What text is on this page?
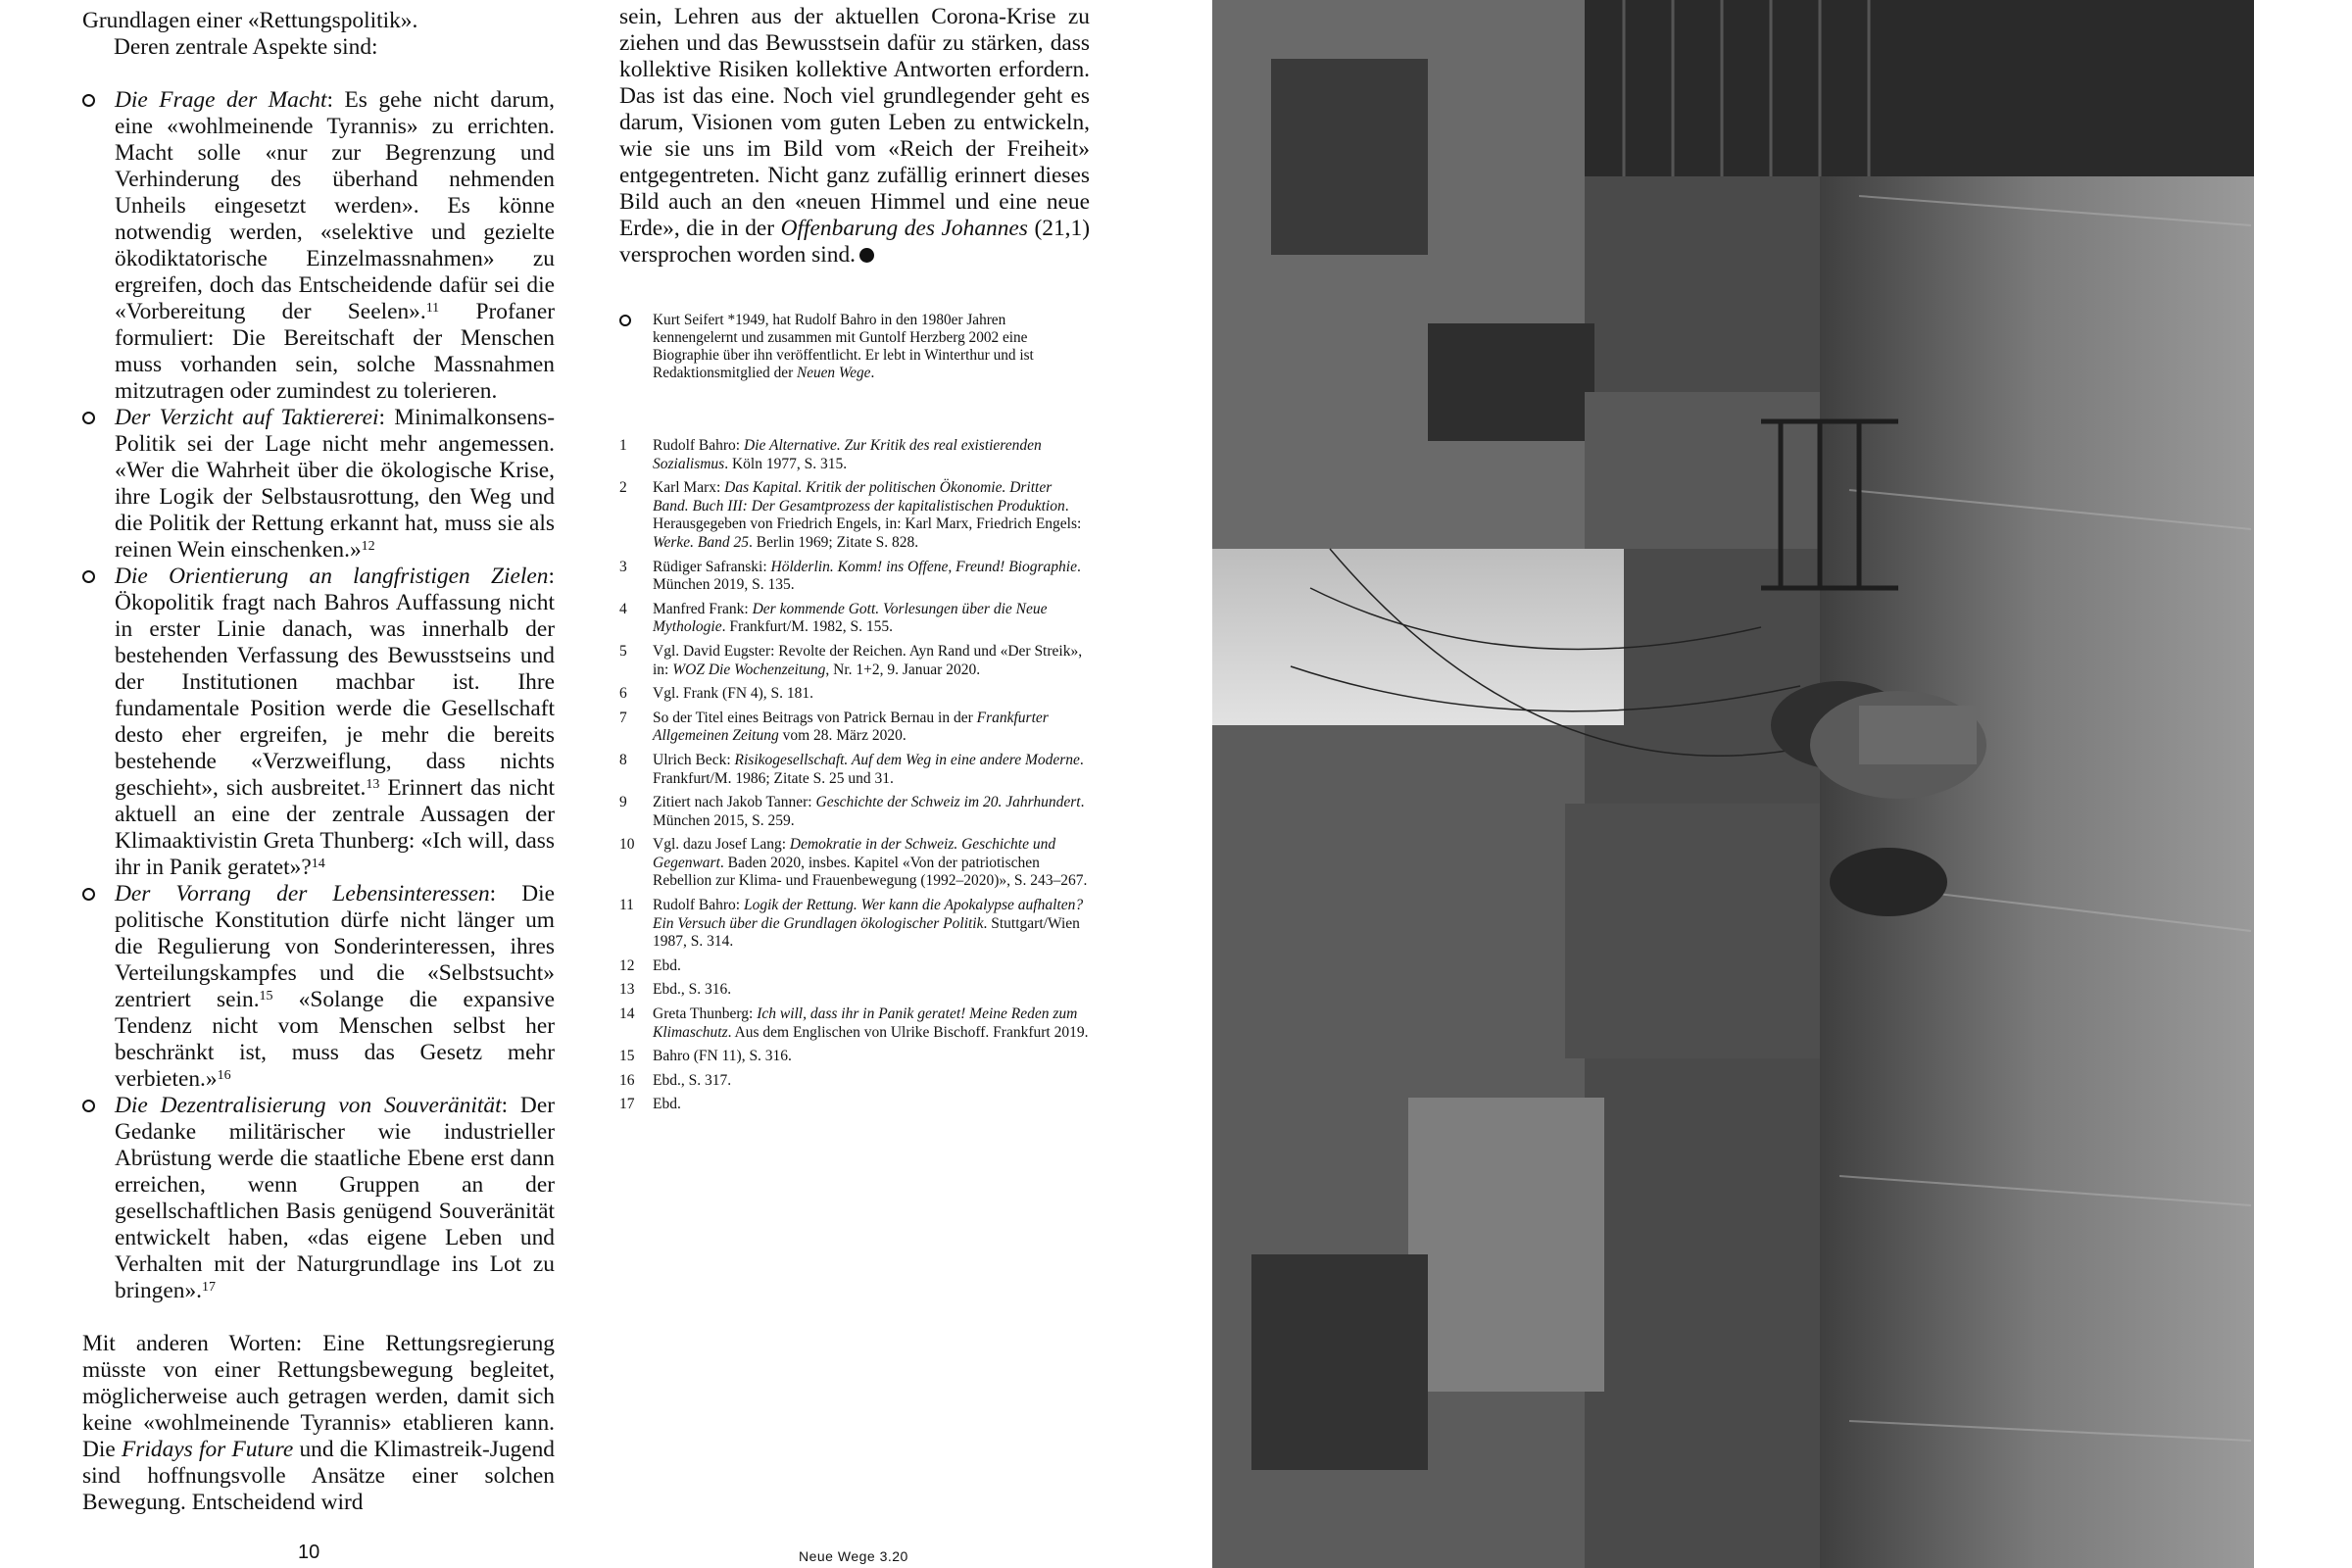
Grundlagen einer «Rettungspolitik».

Deren zentrale Aspekte sind:

Die Frage der Macht: Es gehe nicht darum, eine «wohlmeinende Tyrannis» zu errichten. Macht solle «nur zur Begrenzung und Verhinderung des überhand nehmenden Unheils eingesetzt werden». Es könne notwendig werden, «selektive und gezielte ökodiktatorische Einzelmassnahmen» zu ergreifen, doch das Entscheidende dafür sei die «Vorbereitung der Seelen».$^{11}$ Profaner formuliert: Die Bereitschaft der Menschen muss vorhanden sein, solche Massnahmen mitzutragen oder zumindest zu tolerieren.
Der Verzicht auf Taktiererei: Minimalkonsens-Politik sei der Lage nicht mehr angemessen. «Wer die Wahrheit über die ökologische Krise, ihre Logik der Selbstausrottung, den Weg und die Politik der Rettung erkannt hat, muss sie als reinen Wein einschenken.»$^{12}$
Die Orientierung an langfristigen Zielen: Ökopolitik fragt nach Bahros Auffassung nicht in erster Linie danach, was innerhalb der bestehenden Verfassung des Bewusstseins und der Institutionen machbar ist. Ihre fundamentale Position werde die Gesellschaft desto eher ergreifen, je mehr die bereits bestehende «Verzweiflung, dass nichts geschieht», sich ausbreitet.$^{13}$ Erinnert das nicht aktuell an eine der zentrale Aussagen der Klimaaktivistin Greta Thunberg: «Ich will, dass ihr in Panik geratet»?$^{14}$
Der Vorrang der Lebensinteressen: Die politische Konstitution dürfe nicht länger um die Regulierung von Sonderinteressen, ihres Verteilungskampfes und die «Selbstsucht» zentriert sein.$^{15}$ «Solange die expansive Tendenz nicht vom Menschen selbst her beschränkt ist, muss das Gesetz mehr verbieten.»$^{16}$
Die Dezentralisierung von Souveränität: Der Gedanke militärischer wie industrieller Abrüstung werde die staatliche Ebene erst dann erreichen, wenn Gruppen an der gesellschaftlichen Basis genügend Souveränität entwickelt haben, «das eigene Leben und Verhalten mit der Naturgrundlage ins Lot zu bringen».$^{17}$

Mit anderen Worten: Eine Rettungsregierung müsste von einer Rettungsbewegung begleitet, möglicherweise auch getragen werden, damit sich keine «wohlmeinende Tyrannis» etablieren kann. Die Fridays for Future und die Klimastreik-Jugend sind hoffnungsvolle Ansätze einer solchen Bewegung. Entscheidend wird

sein, Lehren aus der aktuellen Corona-Krise zu ziehen und das Bewusstsein dafür zu stärken, dass kollektive Risiken kollektive Antworten erfordern. Das ist das eine. Noch viel grundlegender geht es darum, Visionen vom guten Leben zu entwickeln, wie sie uns im Bild vom «Reich der Freiheit» entgegentreten. Nicht ganz zufällig erinnert dieses Bild auch an den «neuen Himmel und eine neue Erde», die in der Offenbarung des Johannes (21,1) versprochen worden sind.

Kurt Seifert *1949, hat Rudolf Bahro in den 1980er Jahren kennengelernt und zusammen mit Guntolf Herzberg 2002 eine Biographie über ihn veröffentlicht. Er lebt in Winterthur und ist Redaktionsmitglied der Neuen Wege.

1 Rudolf Bahro: Die Alternative. Zur Kritik des real existierenden Sozialismus. Köln 1977, S. 315.

2 Karl Marx: Das Kapital. Kritik der politischen Ökonomie. Dritter Band. Buch III: Der Gesamtprozess der kapitalistischen Produktion. Herausgegeben von Friedrich Engels, in: Karl Marx, Friedrich Engels: Werke. Band 25. Berlin 1969; Zitate S. 828.

3 Rüdiger Safranski: Hölderlin. Komm! ins Offene, Freund! Biographie. München 2019, S. 135.

4 Manfred Frank: Der kommende Gott. Vorlesungen über die Neue Mythologie. Frankfurt/M. 1982, S. 155.

5 Vgl. David Eugster: Revolte der Reichen. Ayn Rand und «Der Streik», in: WOZ Die Wochenzeitung, Nr. 1+2, 9. Januar 2020.

6 Vgl. Frank (FN 4), S. 181.

7 So der Titel eines Beitrags von Patrick Bernau in der Frankfurter Allgemeinen Zeitung vom 28. März 2020.

8 Ulrich Beck: Risikogesellschaft. Auf dem Weg in eine andere Moderne. Frankfurt/M. 1986; Zitate S. 25 und 31.

9 Zitiert nach Jakob Tanner: Geschichte der Schweiz im 20. Jahrhundert. München 2015, S. 259.

10 Vgl. dazu Josef Lang: Demokratie in der Schweiz. Geschichte und Gegenwart. Baden 2020, insbes. Kapitel «Von der patriotischen Rebellion zur Klima- und Frauenbewegung (1992–2020)», S. 243–267.

11 Rudolf Bahro: Logik der Rettung. Wer kann die Apokalypse aufhalten? Ein Versuch über die Grundlagen ökologischer Politik. Stuttgart/Wien 1987, S. 314.

12 Ebd.

13 Ebd., S. 316.

14 Greta Thunberg: Ich will, dass ihr in Panik geratet! Meine Reden zum Klimaschutz. Aus dem Englischen von Ulrike Bischoff. Frankfurt 2019.

15 Bahro (FN 11), S. 316.

16 Ebd., S. 317.

17 Ebd.

10	Neue Wege 3.20
